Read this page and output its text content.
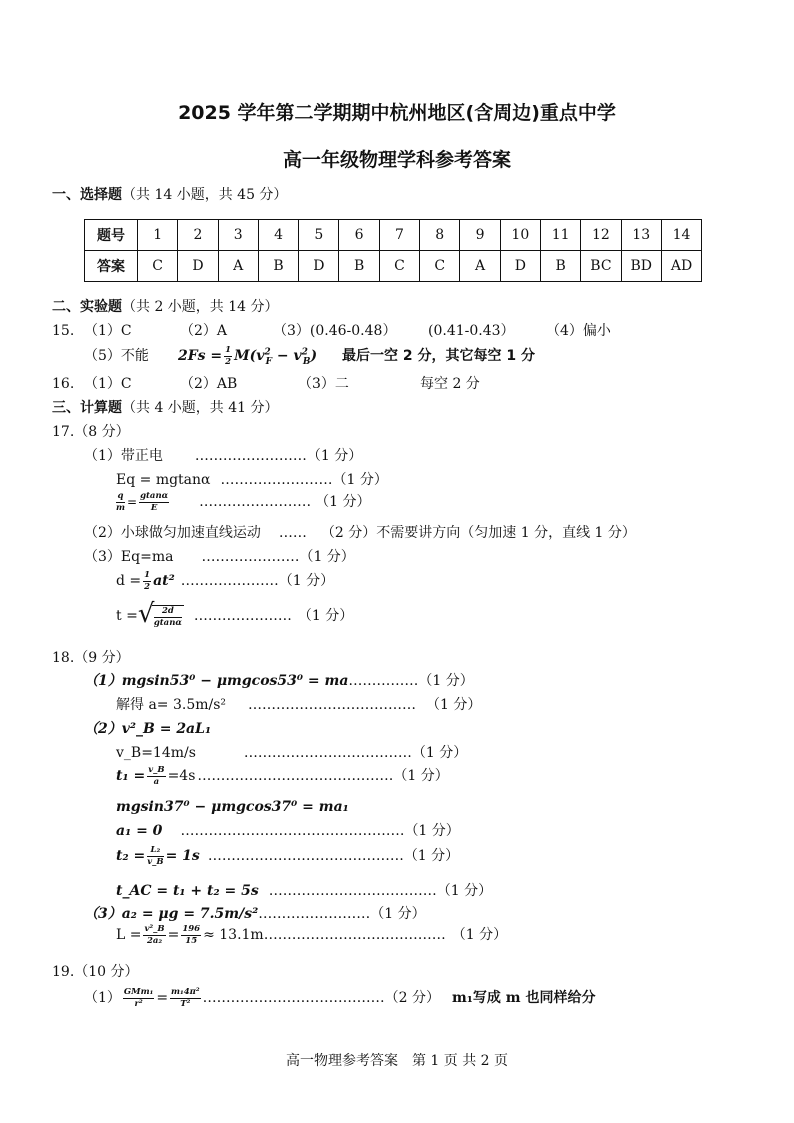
2025 学年第二学期期中杭州地区(含周边)重点中学
高一年级物理学科参考答案
一、选择题（共 14 小题，共 45 分）
题号	1	2	3	4	5	6	7	8	9	10	11	12	13	14
答案	C	D	A	B	D	B	C	C	A	D	B	BC	BD	AD
二、实验题（共 2 小题，共 14 分）
15. （1）C	（2）A	（3）(0.46-0.48） (0.41-0.43） （4）偏小
（5）不能 $2Fs = \frac{1}{2} M(v^2_F - v^2_B)$ 最后一空 2 分，其它每空 1 分
16. （1）C	（2）AB	（3）二	每空 2 分
三、计算题（共 4 小题，共 41 分）
17.（8 分）
（1）带正电 ……………………（1 分）
Eq = mgtanα ……………………（1 分）
$\frac{q}{m} = \frac{gtan\alpha}{E}$ …………………… （1 分）
（2）小球做匀加速直线运动 …… （2 分）不需要讲方向（匀加速 1 分，直线 1 分）
（3）Eq=ma …………………（1 分）
$d = \frac{1}{2} at^2$ …………………（1 分）
t = √ $\frac{2d}{gtan\alpha}$ ………………… （1 分）
18.（9 分）
（1）mgsin53⁰ − μmgcos53⁰ = ma……………（1 分）
解得 a= 3.5m/s² ……………………………… （1 分）
（2）v²_B = 2aL₁
v_B=14m/s	………………………………（1 分）
$t_1 = \frac{v\_B}{a} =4s$ ……………………………………（1 分）
mgsin37⁰ − μmgcos37⁰ = ma₁
a₁ = 0 …………………………………………（1 分）
$t_2 = \frac{\text{L₂}}{v\_B} = 1s$ ……………………………………（1 分）
t_AC = t₁ + t₂ = 5s ………………………………（1 分）
（3）a₂ = μg = 7.5m/s²……………………（1 分）
$L = \frac{\text{v²\_B}}{\text{2a₂}} = \frac{196}{15}$ ≈ 13.1m………………………………… （1 分）
19.（10 分）
$(1) \frac{\text{GMm₁}}{\text{r²}} = \frac{\text{m₁4π²}}{\text{T²}}$ …………………………………（2 分） m₁写成 m 也同样给分
高一物理参考答案　第 1 页 共 2 页
